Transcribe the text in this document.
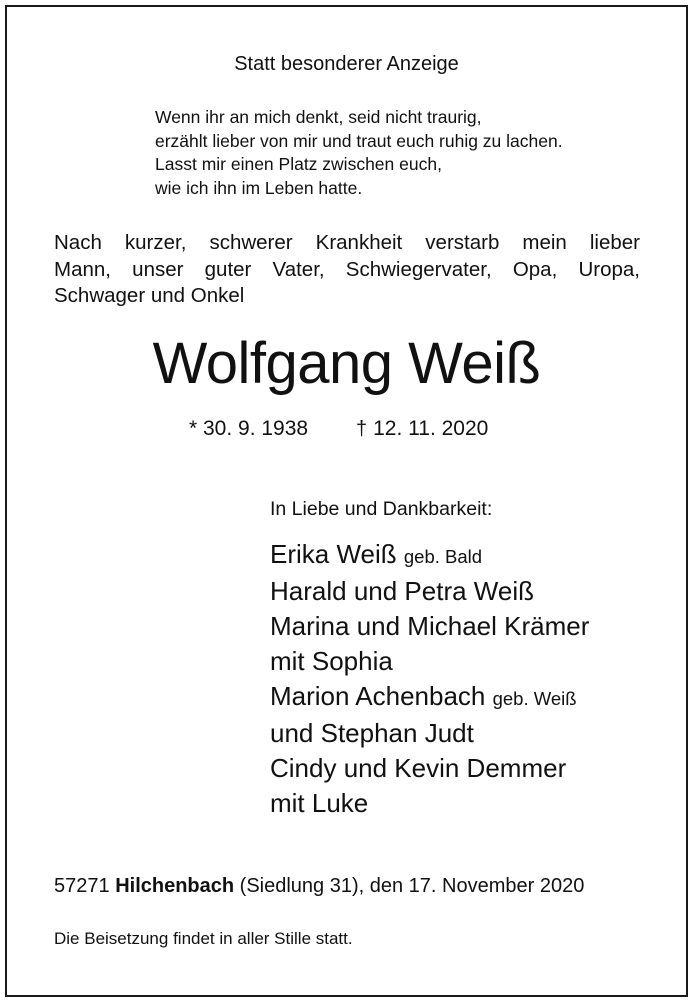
Statt besonderer Anzeige
Wenn ihr an mich denkt, seid nicht traurig,
erzählt lieber von mir und traut euch ruhig zu lachen.
Lasst mir einen Platz zwischen euch,
wie ich ihn im Leben hatte.
Nach kurzer, schwerer Krankheit verstarb mein lieber
Mann, unser guter Vater, Schwiegervater, Opa, Uropa,
Schwager und Onkel
Wolfgang Weiß
* 30. 9. 1938 † 12. 11. 2020
In Liebe und Dankbarkeit:
Erika Weiß geb. Bald
Harald und Petra Weiß
Marina und Michael Krämer
mit Sophia
Marion Achenbach geb. Weiß
und Stephan Judt
Cindy und Kevin Demmer
mit Luke
57271 Hilchenbach (Siedlung 31), den 17. November 2020
Die Beisetzung findet in aller Stille statt.
